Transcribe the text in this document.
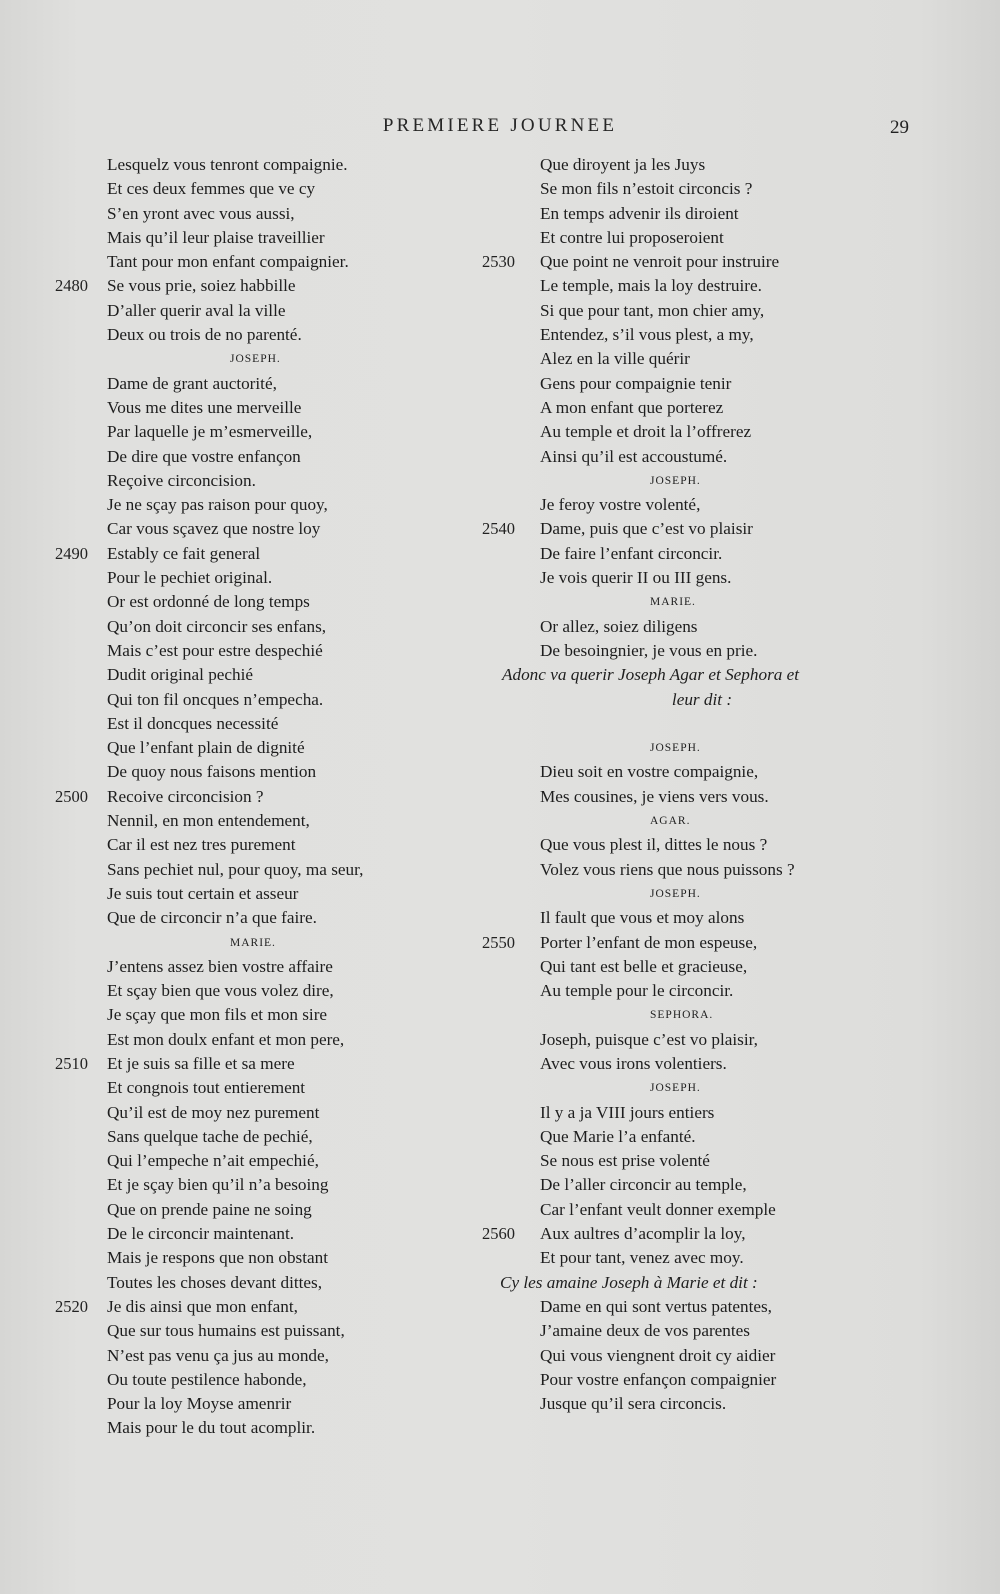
PREMIERE JOURNEE	29
Lesquelz vous tenront compaignie.
Et ces deux femmes que ve cy
S’en yront avec vous aussi,
Mais qu’il leur plaise traveillier
Tant pour mon enfant compaignier.
2480 Se vous prie, soiez habbille
D’aller querir aval la ville
Deux ou trois de no parenté.
JOSEPH.
Dame de grant auctorité,
Vous me dites une merveille
Par laquelle je m’esmerveille,
De dire que vostre enfançon
Reçoive circoncision.
Je ne sçay pas raison pour quoy,
Car vous sçavez que nostre loy
2490 Estably ce fait general
Pour le pechiet original.
Or est ordonné de long temps
Qu’on doit circoncir ses enfans,
Mais c’est pour estre despechié
Dudit original pechié
Qui ton fil oncques n’empecha.
Est il doncques necessité
Que l’enfant plain de dignité
De quoy nous faisons mention
2500 Recoive circoncision ?
Nennil, en mon entendement,
Car il est nez tres purement
Sans pechiet nul, pour quoy, ma seur,
Je suis tout certain et asseur
Que de circoncir n’a que faire.
MARIE.
J’entens assez bien vostre affaire
Et sçay bien que vous volez dire,
Je sçay que mon fils et mon sire
Est mon doulx enfant et mon pere,
2510 Et je suis sa fille et sa mere
Et congnois tout entierement
Qu’il est de moy nez purement
Sans quelque tache de pechié,
Qui l’empeche n’ait empechié,
Et je sçay bien qu’il n’a besoing
Que on prende paine ne soing
De le circoncir maintenant.
Mais je respons que non obstant
Toutes les choses devant dittes,
2520 Je dis ainsi que mon enfant,
Que sur tous humains est puissant,
N’est pas venu ça jus au monde,
Ou toute pestilence habonde,
Pour la loy Moyse amenrir
Mais pour le du tout acomplir.
Que diroyent ja les Juys
Se mon fils n’estoit circoncis ?
En temps advenir ils diroient
Et contre lui proposeroient
2530 Que point ne venroit pour instruire
Le temple, mais la loy destruire.
Si que pour tant, mon chier amy,
Entendez, s’il vous plest, a my,
Alez en la ville quérir
Gens pour compaignie tenir
A mon enfant que porterez
Au temple et droit la l’offrerez
Ainsi qu’il est accoustumé.
JOSEPH.
Je feroy vostre volenté,
2540 Dame, puis que c’est vo plaisir
De faire l’enfant circoncir.
Je vois querir II ou III gens.
MARIE.
Or allez, soiez diligens
De besoingnier, je vous en prie.
Adonc va querir Joseph Agar et Sephora et
leur dit :
JOSEPH.
Dieu soit en vostre compaignie,
Mes cousines, je viens vers vous.
AGAR.
Que vous plest il, dittes le nous ?
Volez vous riens que nous puissons ?
JOSEPH.
Il fault que vous et moy alons
2550 Porter l’enfant de mon espeuse,
Qui tant est belle et gracieuse,
Au temple pour le circoncir.
SEPHORA.
Joseph, puisque c’est vo plaisir,
Avec vous irons volentiers.
JOSEPH.
Il y a ja VIII jours entiers
Que Marie l’a enfanté.
Se nous est prise volenté
De l’aller circoncir au temple,
Car l’enfant veult donner exemple
2560 Aux aultres d’acomplir la loy,
Et pour tant, venez avec moy.
Cy les amaine Joseph à Marie et dit :
Dame en qui sont vertus patentes,
J’amaine deux de vos parentes
Qui vous viengnent droit cy aidier
Pour vostre enfançon compaignier
Jusque qu’il sera circoncis.
